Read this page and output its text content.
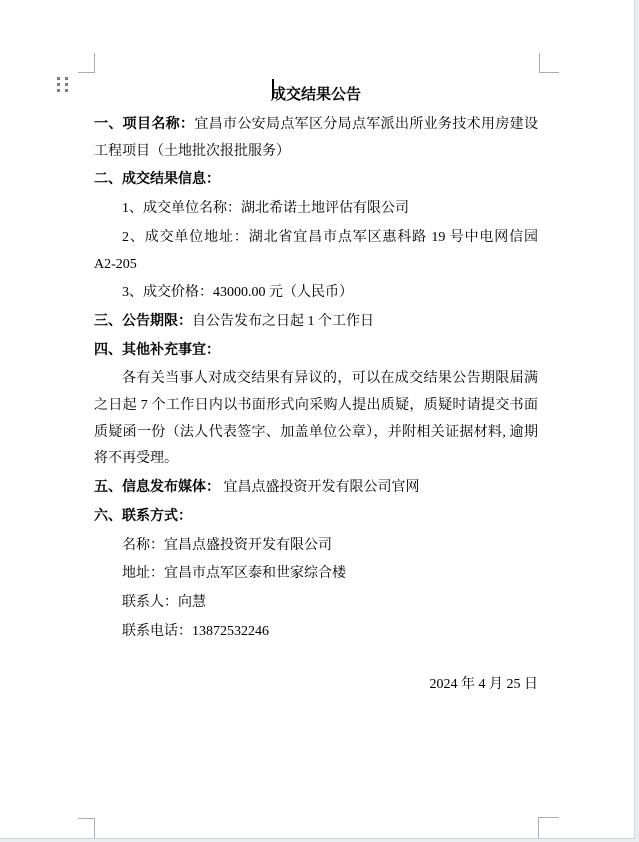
成交结果公告

一、项目名称：宜昌市公安局点军区分局点军派出所业务技术用房建设工程项目（土地批次报批服务）

二、成交结果信息：

1、成交单位名称：湖北希诺土地评估有限公司

2、成交单位地址：湖北省宜昌市点军区惠科路 19 号中电网信园 A2-205

3、成交价格：43000.00 元（人民币）

三、公告期限：自公告发布之日起 1 个工作日

四、其他补充事宜：

各有关当事人对成交结果有异议的，可以在成交结果公告期限届满之日起 7 个工作日内以书面形式向采购人提出质疑，质疑时请提交书面质疑函一份（法人代表签字、加盖单位公章），并附相关证据材料, 逾期将不再受理。

五、信息发布媒体： 宜昌点盛投资开发有限公司官网

六、联系方式：

名称：宜昌点盛投资开发有限公司

地址：宜昌市点军区泰和世家综合楼

联系人：向慧

联系电话：13872532246

2024 年 4 月 25 日
